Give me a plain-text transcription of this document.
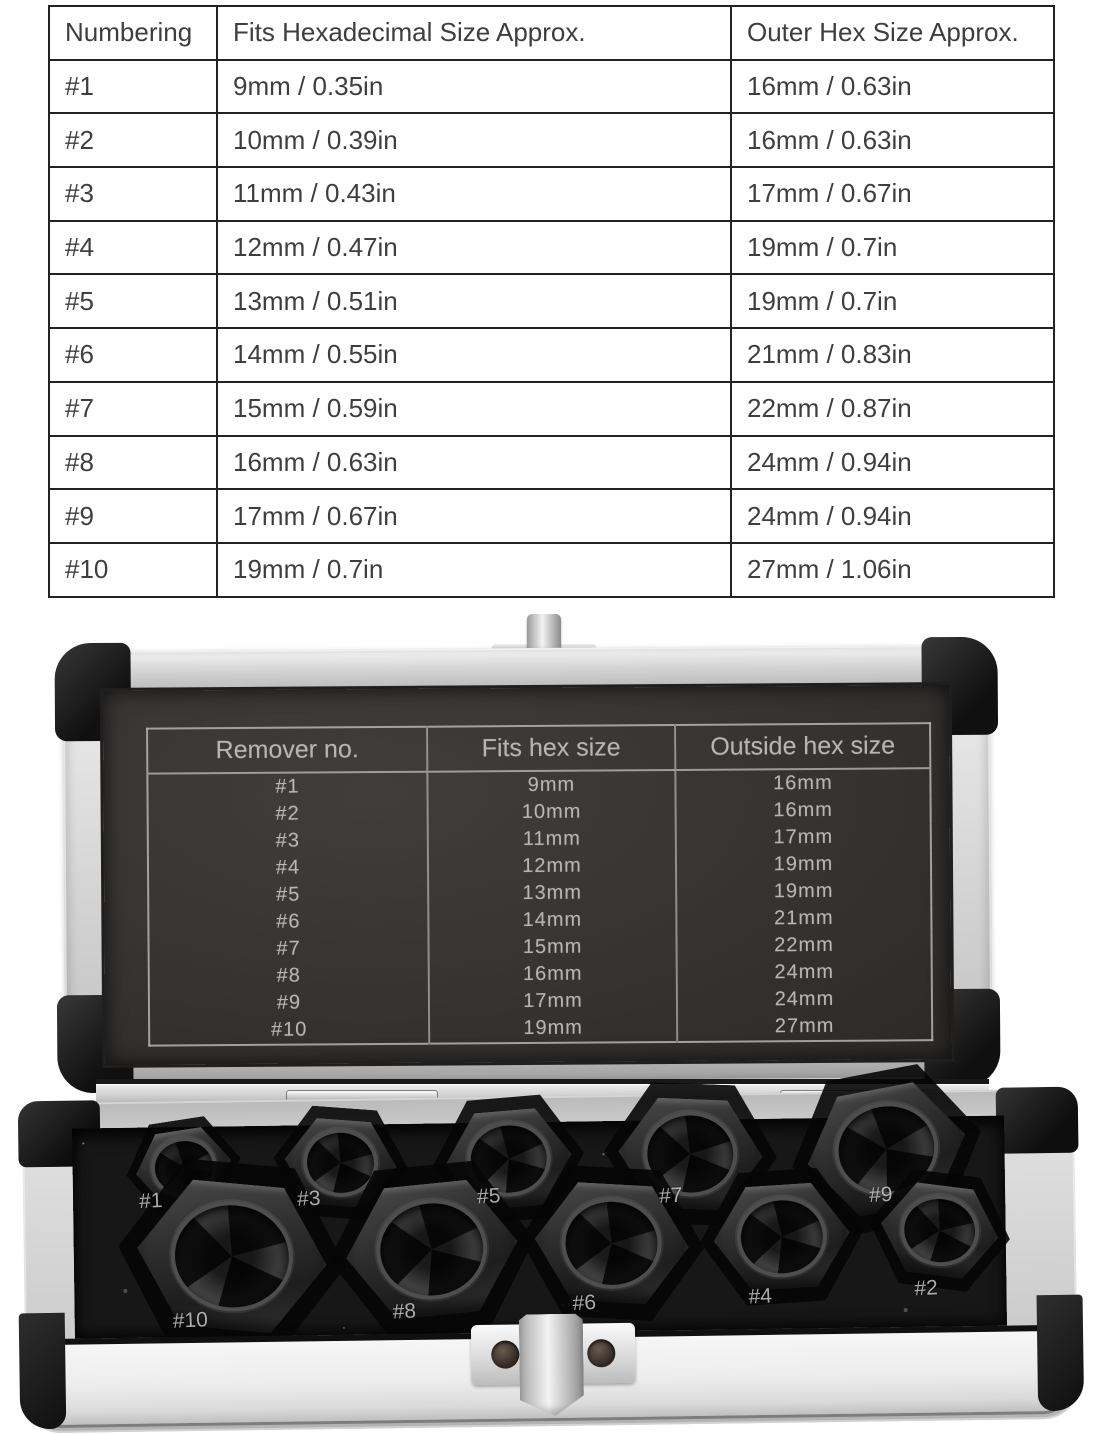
Numbering	Fits Hexadecimal Size Approx.	Outer Hex Size Approx.
#1	9mm / 0.35in	16mm / 0.63in
#2	10mm / 0.39in	16mm / 0.63in
#3	11mm / 0.43in	17mm / 0.67in
#4	12mm / 0.47in	19mm / 0.7in
#5	13mm / 0.51in	19mm / 0.7in
#6	14mm / 0.55in	21mm / 0.83in
#7	15mm / 0.59in	22mm / 0.87in
#8	16mm / 0.63in	24mm / 0.94in
#9	17mm / 0.67in	24mm / 0.94in
#10	19mm / 0.7in	27mm / 1.06in
Remover no.	Fits hex size	Outside hex size
#1	9mm	16mm
#2	10mm	16mm
#3	11mm	17mm
#4	12mm	19mm
#5	13mm	19mm
#6	14mm	21mm
#7	15mm	22mm
#8	16mm	24mm
#9	17mm	24mm
#10	19mm	27mm
#1	#3	#5	#7	#9
#10	#8	#6	#4	#2
